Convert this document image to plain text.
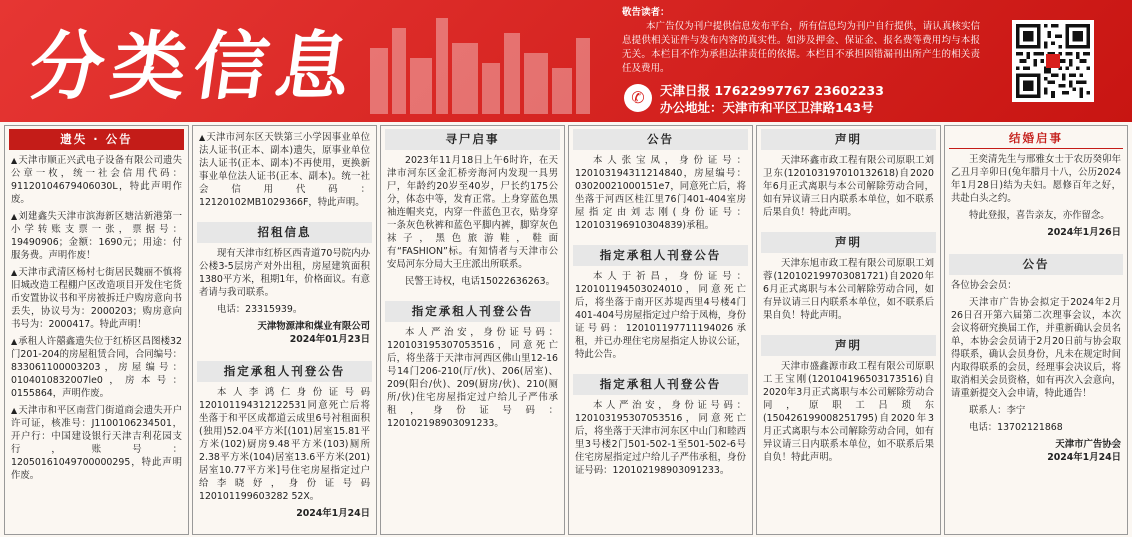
分类信息
敬告读者：
本广告仅为刊户提供信息发布平台，所有信息均为刊户自行提供，请认真核实信息提供相关证件与发布内容的真实性。如涉及押金、保证金、报名费等费用均与本报无关。本栏目不作为承担法律责任的依据。本栏目不承担因错漏刊出所产生的相关责任及费用。
✆	天津日报 17622997767 23602233
办公地址：天津市和平区卫津路143号
遗失 · 公告
▲ 天津市顺正兴武电子设备有限公司遗失公章一枚，统一社会信用代码：91120104679406030L，特此声明作废。
▲ 刘建鑫失天津市滨海新区塘沽新港第一小学转账支票一张，票据号：19490906；金额：1690元；用途：付服务费。声明作废！
▲ 天津市武清区杨村七街居民魏丽不慎将旧城改造工程棚户区改造项目开发住宅货币安置协议书和平房被拆迁户购房意向书丢失，协议号为：2000203；购房意向书号为：2000417。特此声明！
▲ 承租人许囍鑫遗失位于红桥区昌图楼32门201-204的房屋租赁合同，合同编号：833061100003203，房屋编号：0104010832007le0，房本号：0155864，声明作废。
▲ 天津市和平区南营门街道商会遗失开户许可证，核准号：J1100106234501，开户行：中国建设银行天津吉利花园支行，账号：12050161049700000295，特此声明作废。
▲ 天津市河东区天铁第三小学因事业单位法人证书(正本、副本)遗失，原事业单位法人证书(正本、副本)不再使用，更换新事业单位法人证书(正本、副本)。统一社会信用代码：12120102MB1029366F，特此声明。
招租信息
现有天津市红桥区西青道70号院内办公楼3-5层房产对外出租，房屋建筑面积1380平方米，租期1年，价格面议。有意者请与我司联系。
电话：23315939。
天津物源津和煤业有限公司
2024年01月23日
指定承租人刊登公告
本人李鸿仁身份证号码120101194312122531同意死亡后将坐落于和平区成都道云成里6号衬租面积(独用)52.04平方米[(101)居室15.81平方米(102)厨房9.48平方米(103)厕所2.38平方米(104)居室13.6平方米(201)居室10.77平方米]号住宅房屋指定过户给李晓妤，身份证号码120101199603282 52X。
2024年1月24日
寻尸启事
2023年11月18日上午6时许，在天津市河东区金汇桥旁海河内发现一具男尸，年龄约20岁至40岁，尸长约175公分，体态中等，发育正常。上身穿蓝色黑袖连帽夹克，内穿一件蓝色卫衣，贴身穿一条灰色秋裤和蓝色平脚内裤，脚穿灰色袜子，黑色旅游鞋，鞋面有“FASHION”标。有知情者与天津市公安局河东分局大王庄派出所联系。
民警王诗权，电话15022636263。
指定承租人刊登公告
本人严治安，身份证号码：120103195307053516，同意死亡后，将坐落于天津市河西区佛山里12-16号14门206-210(厅/伙)、206(居室)、209(阳台/伙)、209(厨房/伙)、210(厕所/伙)住宅房屋指定过户给儿子严伟承租，身份证号码：120102198903091233。
公告
本人张宝凤，身份证号：120103194311214840，房屋编号：03020021000151e7，同意死亡后，将坐落于河西区桂江里76门401-404室房屋指定由刘志刚(身份证号：120103196910304839)承租。
指定承租人刊登公告
本人于祈昌，身份证号：120101194503024010，同意死亡后，将坐落于南开区苏堤西里4号楼4门401-404号房屋指定过户给于凤梅，身份证号码：120101197711194026承租，并已办理住宅房屋指定人协议公证，特此公告。
指定承租人刊登公告
本人严治安，身份证号码：120103195307053516，同意死亡后，将坐落于天津市河东区中山门和睦西里3号楼2门501-502-1至501-502-6号住宅房屋指定过户给儿子严伟承租，身份证号码：120102198903091233。
声明
天津环鑫市政工程有限公司原职工刘卫东(120103197010132618)自2020年6月正式离职与本公司解除劳动合同，如有异议请三日内联系本单位，如不联系后果自负！特此声明。
声明
天津东旭市政工程有限公司原职工刘蓉(120102199703081721)自2020年6月正式离职与本公司解除劳动合同，如有异议请三日内联系本单位，如不联系后果自负！特此声明。
声明
天津市盛鑫源市政工程有限公司原职工王宝刚(120104196503173516)自2020年3月正式离职与本公司解除劳动合同，原职工吕琐东(150426199008251795)自2020年3月正式离职与本公司解除劳动合同，如有异议请三日内联系本单位，如不联系后果自负！特此声明。
结婚启事
王奕清先生与邢雅女士于农历癸卯年乙丑月辛卯日(兔年腊月十八，公历2024年1月28日)结为夫妇。愿修百年之好，共赴白头之约。
特此登报，喜告亲友，亦作留念。
2024年1月26日
公告
各位协会会员：
天津市广告协会拟定于2024年2月26日召开第六届第二次理事会议，本次会议将研究换届工作，并重新确认会员名单，本协会会员请于2月20日前与协会取得联系，确认会员身份，凡未在规定时间内取得联系的会员，经理事会决议后，将取消相关会员资格，如有再次入会意向，请重新提交入会申请，特此通告！
联系人：李宁
电话：13702121868
天津市广告协会
2024年1月24日
